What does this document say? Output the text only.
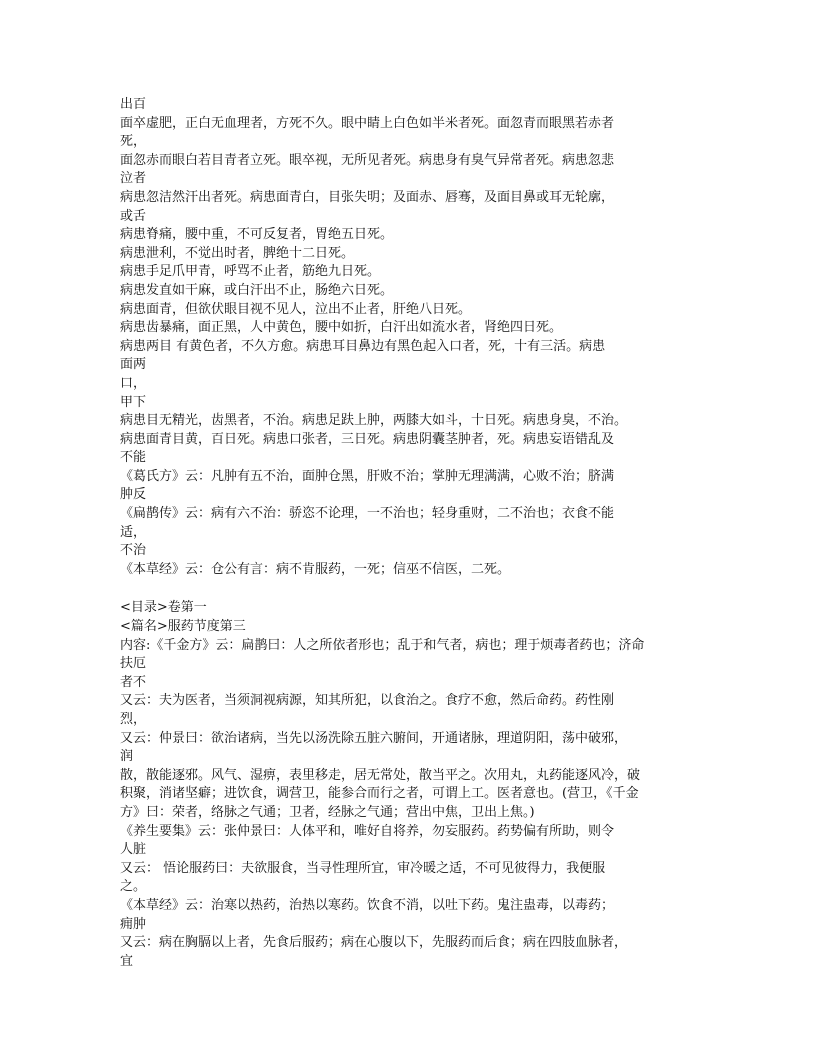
出百
面卒虚肥，正白无血理者，方死不久。眼中睛上白色如半米者死。面忽青而眼黑若赤者
死，
面忽赤而眼白若目青者立死。眼卒视，无所见者死。病患身有臭气异常者死。病患忽悲
泣者
病患忽洁然汗出者死。病患面青白，目张失明；及面赤、唇骞，及面目鼻或耳无轮廓，
或舌
病患脊痛，腰中重，不可反复者，胃绝五日死。
病患泄利，不觉出时者，脾绝十二日死。
病患手足爪甲青，呼骂不止者，筋绝九日死。
病患发直如干麻，或白汗出不止，肠绝六日死。
病患面青，但欲伏眼目视不见人，泣出不止者，肝绝八日死。
病患齿暴痛，面正黑，人中黄色，腰中如折，白汗出如流水者，肾绝四日死。
病患两目 有黄色者，不久方愈。病患耳目鼻边有黑色起入口者，死，十有三活。病患
面两
口，
甲下
病患目无精光，齿黑者，不治。病患足趺上肿，两膝大如斗，十日死。病患身臭，不治。
病患面青目黄，百日死。病患口张者，三日死。病患阴囊茎肿者，死。病患妄语错乱及
不能
《葛氏方》云：凡肿有五不治，面肿仓黑，肝败不治；掌肿无理满满，心败不治；脐满
肿反
《扁鹊传》云：病有六不治：骄恣不论理，一不治也；轻身重财，二不治也；衣食不能
适，
不治
《本草经》云：仓公有言：病不肯服药，一死；信巫不信医，二死。
<目录>卷第一
<篇名>服药节度第三
内容:《千金方》云：扁鹊曰：人之所依者形也；乱于和气者，病也；理于烦毒者药也；济命
扶厄
者不
又云：夫为医者，当须洞视病源，知其所犯，以食治之。食疗不愈，然后命药。药性刚
烈，
又云：仲景曰：欲治诸病，当先以汤洗除五脏六腑间，开通诸脉，理道阴阳，荡中破邪，
润
散，散能逐邪。风气、湿痹，表里移走，居无常处，散当平之。次用丸，丸药能逐风冷，破
积聚，消诸坚癖；进饮食，调营卫，能参合而行之者，可谓上工。医者意也。(营卫，《千金
方》曰：荣者，络脉之气通；卫者，经脉之气通；营出中焦，卫出上焦。)
《养生要集》云：张仲景曰：人体平和，唯好自将养，勿妄服药。药势偏有所助，则令
人脏
又云： 悟论服药曰：夫欲服食，当寻性理所宜，审冷暖之适，不可见彼得力，我便服
之。
《本草经》云：治寒以热药，治热以寒药。饮食不消，以吐下药。鬼注蛊毒，以毒药；
痈肿
又云：病在胸膈以上者，先食后服药；病在心腹以下，先服药而后食；病在四肢血脉者，
宜
